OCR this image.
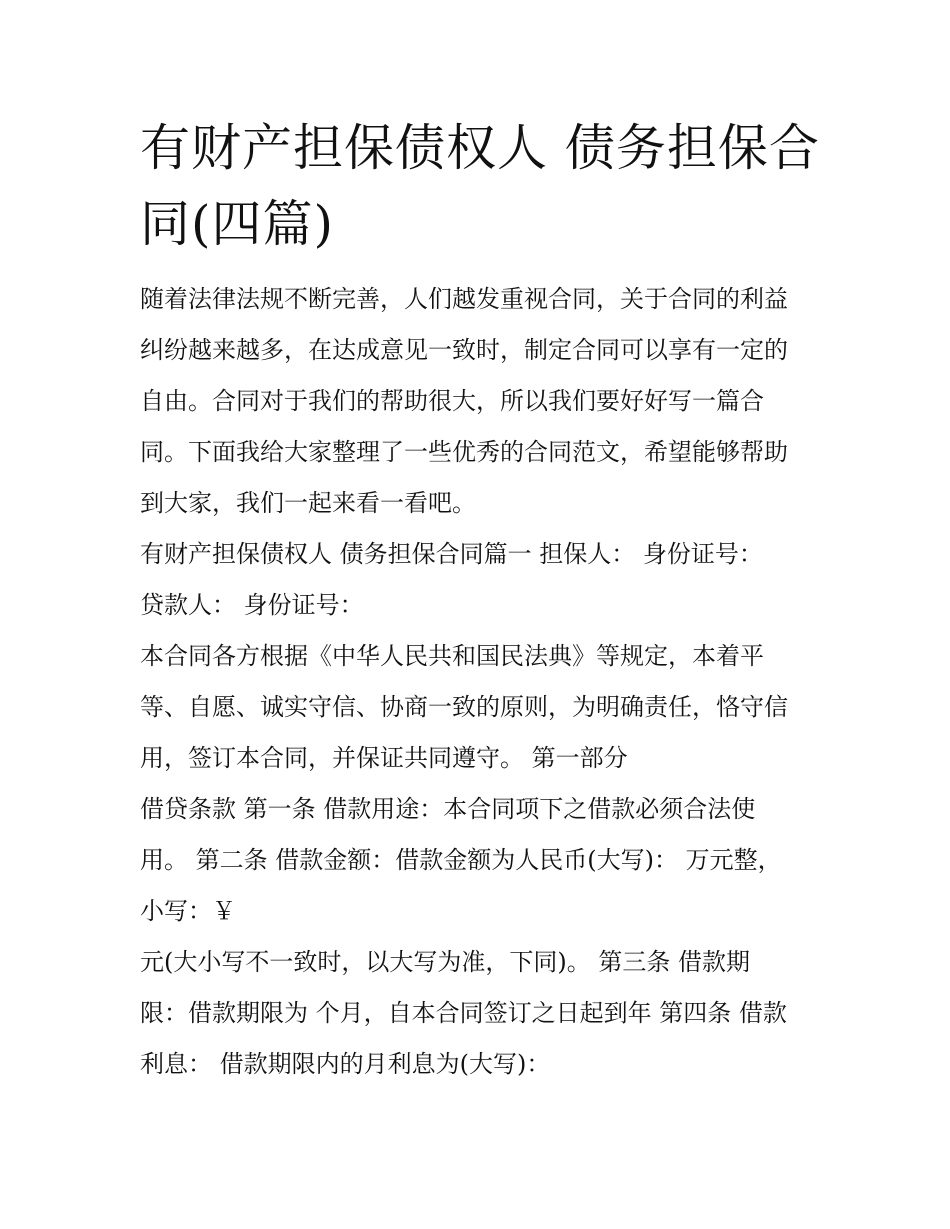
有财产担保债权人 债务担保合
同(四篇)
随着法律法规不断完善，人们越发重视合同，关于合同的利益
纠纷越来越多，在达成意见一致时，制定合同可以享有一定的
自由。合同对于我们的帮助很大，所以我们要好好写一篇合
同。下面我给大家整理了一些优秀的合同范文，希望能够帮助
到大家，我们一起来看一看吧。
有财产担保债权人 债务担保合同篇一 担保人： 身份证号：
贷款人： 身份证号：
本合同各方根据《中华人民共和国民法典》等规定，本着平
等、自愿、诚实守信、协商一致的原则，为明确责任，恪守信
用，签订本合同，并保证共同遵守。 第一部分
借贷条款 第一条 借款用途：本合同项下之借款必须合法使
用。 第二条 借款金额：借款金额为人民币(大写)： 万元整，
小写：￥
元(大小写不一致时，以大写为准，下同)。 第三条 借款期
限：借款期限为 个月，自本合同签订之日起到年 第四条 借款
利息： 借款期限内的月利息为(大写)：
